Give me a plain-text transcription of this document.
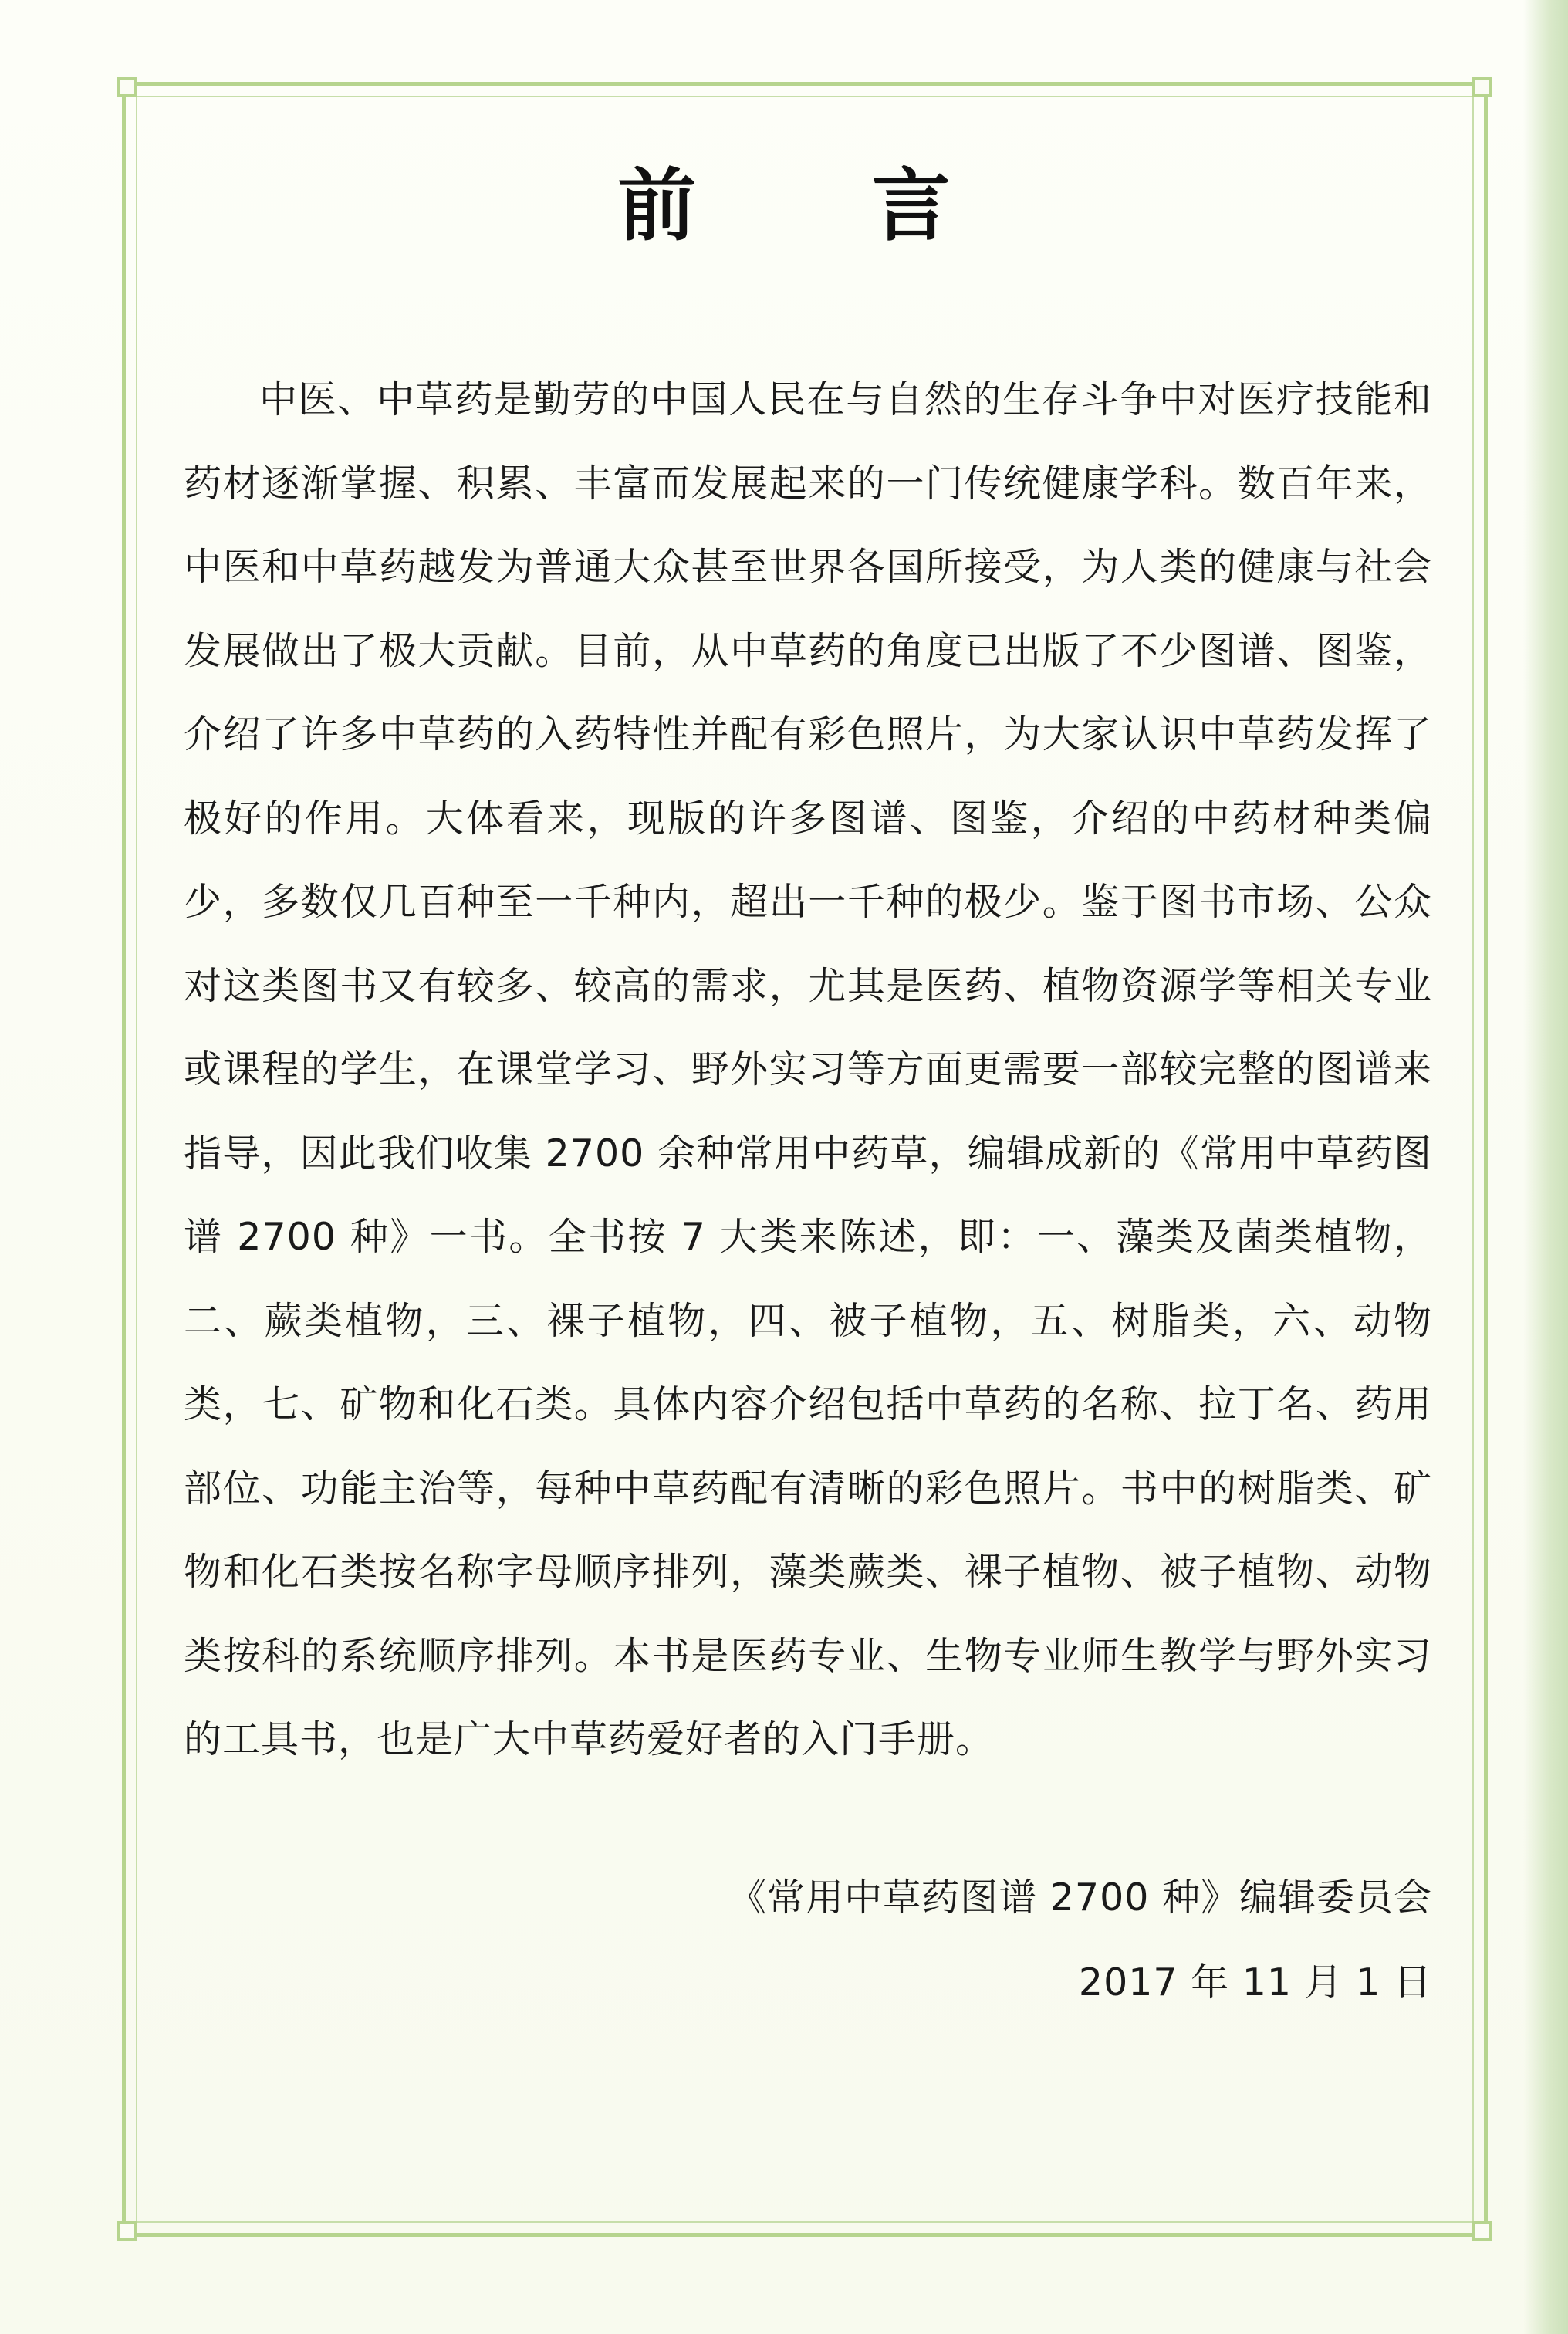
前 言

中医、中草药是勤劳的中国人民在与自然的生存斗争中对医疗技能和药材逐渐掌握、积累、丰富而发展起来的一门传统健康学科。数百年来，中医和中草药越发为普通大众甚至世界各国所接受，为人类的健康与社会发展做出了极大贡献。目前，从中草药的角度已出版了不少图谱、图鉴，介绍了许多中草药的入药特性并配有彩色照片，为大家认识中草药发挥了极好的作用。大体看来，现版的许多图谱、图鉴，介绍的中药材种类偏少，多数仅几百种至一千种内，超出一千种的极少。鉴于图书市场、公众对这类图书又有较多、较高的需求，尤其是医药、植物资源学等相关专业或课程的学生，在课堂学习、野外实习等方面更需要一部较完整的图谱来指导，因此我们收集 2700 余种常用中药草，编辑成新的《常用中草药图谱 2700 种》一书。全书按 7 大类来陈述，即：一、藻类及菌类植物，二、蕨类植物，三、裸子植物，四、被子植物，五、树脂类，六、动物类，七、矿物和化石类。具体内容介绍包括中草药的名称、拉丁名、药用部位、功能主治等，每种中草药配有清晰的彩色照片。书中的树脂类、矿物和化石类按名称字母顺序排列，藻类蕨类、裸子植物、被子植物、动物类按科的系统顺序排列。本书是医药专业、生物专业师生教学与野外实习的工具书，也是广大中草药爱好者的入门手册。

《常用中草药图谱 2700 种》编辑委员会
2017 年 11 月 1 日
